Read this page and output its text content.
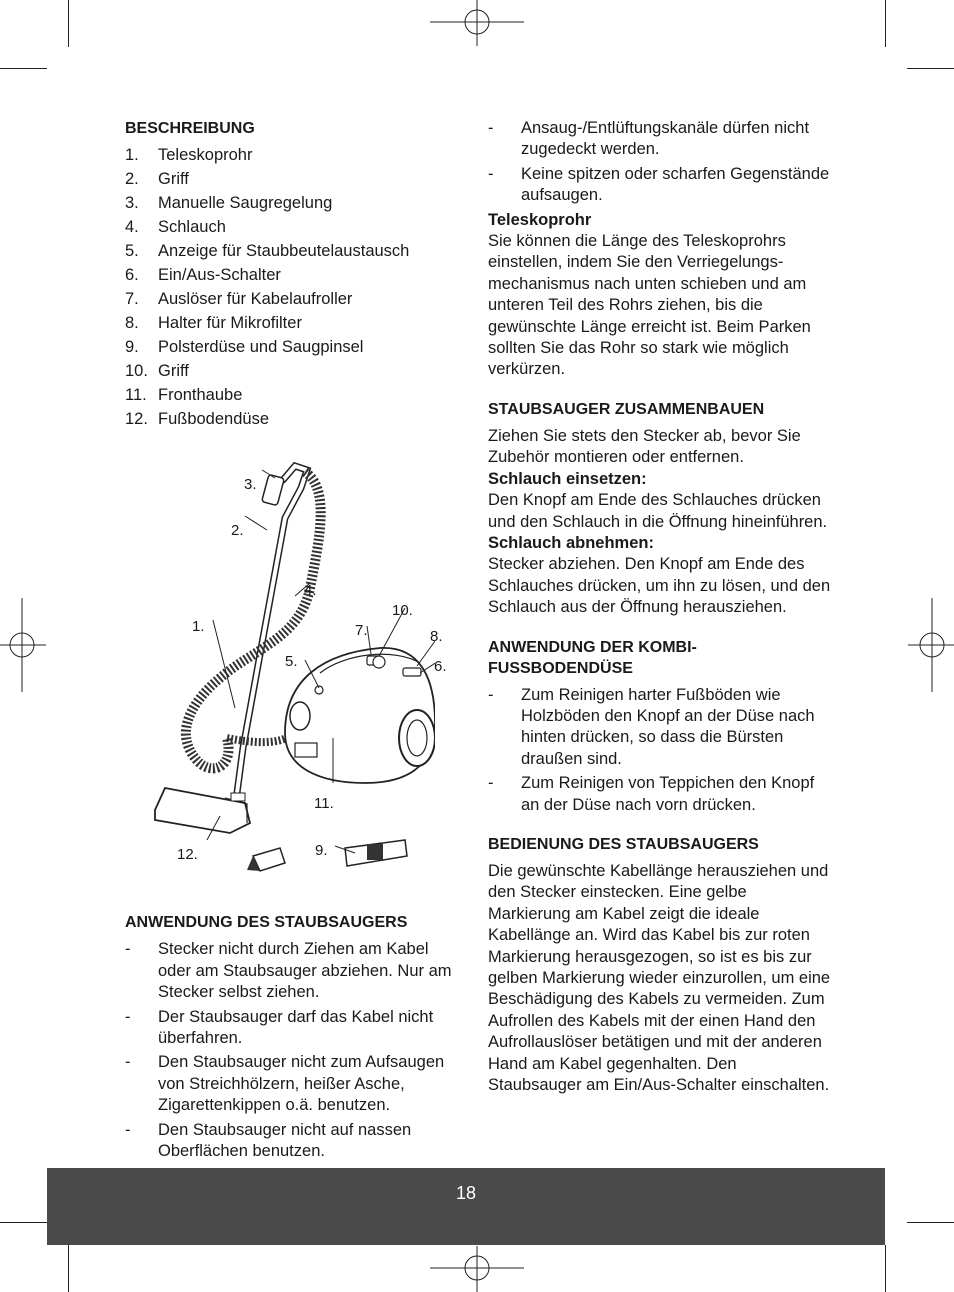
BESCHREIBUNG
1.	Teleskoprohr
2.	Griff
3.	Manuelle Saugregelung
4.	Schlauch
5.	Anzeige für Staubbeutelaustausch
6.	Ein/Aus-Schalter
7.	Auslöser für Kabelaufroller
8.	Halter für Mikrofilter
9.	Polsterdüse und Saugpinsel
10. Griff
11. Fronthaube
12. Fußbodendüse
3.
2.
4.
1.
10.
7.	8.
5.	6.
11.
9.
12.
ANWENDUNG DES STAUBSAUGERS
-	Stecker nicht durch Ziehen am Kabel oder am Staubsauger abziehen. Nur am Stecker selbst ziehen.
-	Der Staubsauger darf das Kabel nicht überfahren.
-	Den Staubsauger nicht zum Aufsaugen von Streichhölzern, heißer Asche, Zigarettenkippen o.ä. benutzen.
-	Den Staubsauger nicht auf nassen Oberflächen benutzen.
-	Ansaug-/Entlüftungskanäle dürfen nicht zugedeckt werden.
-	Keine spitzen oder scharfen Gegenstände aufsaugen.

Teleskoprohr

Sie können die Länge des Teleskoprohrs einstellen, indem Sie den Verriegelungs-mechanismus nach unten schieben und am unteren Teil des Rohrs ziehen, bis die gewünschte Länge erreicht ist. Beim Parken sollten Sie das Rohr so stark wie möglich verkürzen.

STAUBSAUGER ZUSAMMENBAUEN

Ziehen Sie stets den Stecker ab, bevor Sie Zubehör montieren oder entfernen.

Schlauch einsetzen:

Den Knopf am Ende des Schlauches drücken und den Schlauch in die Öffnung hineinführen.

Schlauch abnehmen:

Stecker abziehen. Den Knopf am Ende des Schlauches drücken, um ihn zu lösen, und den Schlauch aus der Öffnung herausziehen.

ANWENDUNG DER KOMBI-FUSSBODENDÜSE
-	Zum Reinigen harter Fußböden wie Holzböden den Knopf an der Düse nach hinten drücken, so dass die Bürsten draußen sind.
-	Zum Reinigen von Teppichen den Knopf an der Düse nach vorn drücken.
BEDIENUNG DES STAUBSAUGERS

Die gewünschte Kabellänge herausziehen und den Stecker einstecken. Eine gelbe Markierung am Kabel zeigt die ideale Kabellänge an. Wird das Kabel bis zur roten Markierung herausgezogen, so ist es bis zur gelben Markierung wieder einzurollen, um eine Beschädigung des Kabels zu vermeiden. Zum Aufrollen des Kabels mit der einen Hand den Aufrollauslöser betätigen und mit der anderen Hand am Kabel gegenhalten. Den Staubsauger am Ein/Aus-Schalter einschalten.

18
